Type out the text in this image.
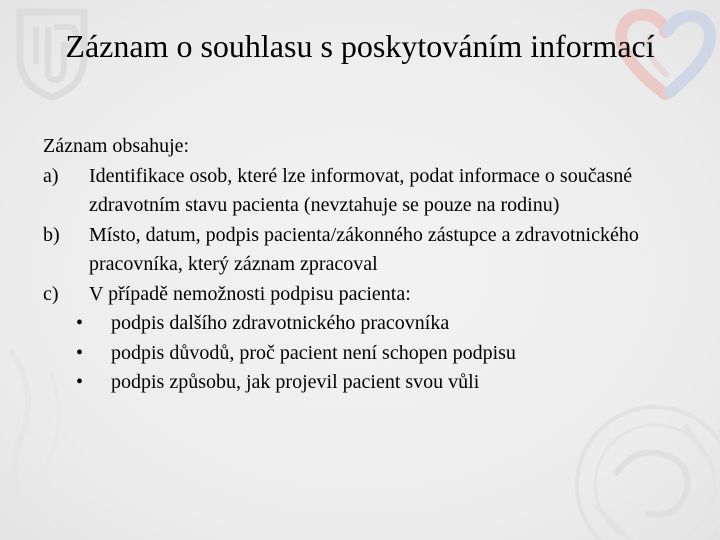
Záznam o souhlasu s poskytováním informací

Záznam obsahuje:

a) Identifikace osob, které lze informovat, podat informace o současné zdravotním stavu pacienta (nevztahuje se pouze na rodinu)

b) Místo, datum, podpis pacienta/zákonného zástupce a zdravotnického pracovníka, který záznam zpracoval

c) V případě nemožnosti podpisu pacienta:

• podpis dalšího zdravotnického pracovníka
• podpis důvodů, proč pacient není schopen podpisu
• podpis způsobu, jak projevil pacient svou vůli
